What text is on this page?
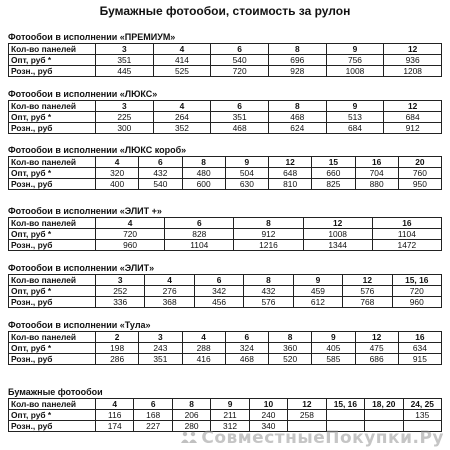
Бумажные фотообои, стоимость за рулон
Фотообои в исполнении «ПРЕМИУМ»
Кол-во панелей	3	4	6	8	9	12
Опт, руб *	351	414	540	696	756	936
Розн., руб	445	525	720	928	1008	1208
Фотообои в исполнении «ЛЮКС»
Кол-во панелей	3	4	6	8	9	12
Опт, руб *	225	264	351	468	513	684
Розн., руб	300	352	468	624	684	912
Фотообои в исполнении «ЛЮКС короб»
Кол-во панелей	4	6	8	9	12	15	16	20
Опт, руб *	320	432	480	504	648	660	704	760
Розн., руб	400	540	600	630	810	825	880	950
Фотообои в исполнении «ЭЛИТ +»
Кол-во панелей	4	6	8	12	16
Опт, руб *	720	828	912	1008	1104
Розн., руб	960	1104	1216	1344	1472
Фотообои в исполнении «ЭЛИТ»
Кол-во панелей	3	4	6	8	9	12	15, 16
Опт, руб *	252	276	342	432	459	576	720
Розн., руб	336	368	456	576	612	768	960
Фотообои в исполнении «Тула»
Кол-во панелей	2	3	4	6	8	9	12	16
Опт, руб *	198	243	288	324	360	405	475	634
Розн., руб	286	351	416	468	520	585	686	915
Бумажные фотообои
Кол-во панелей	4	6	8	9	10	12	15, 16	18, 20	24, 25
Опт, руб *	116	168	206	211	240	258			135
Розн., руб	174	227	280	312	340				
СовместныеПокупки.Ру
